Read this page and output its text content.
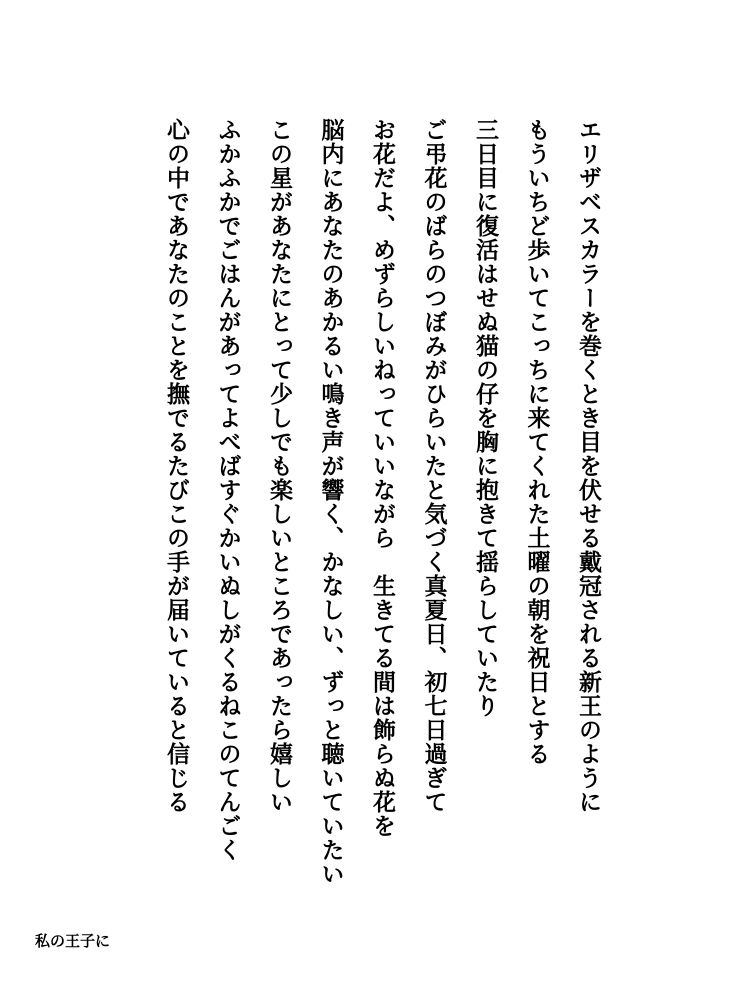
エリザベスカラーを巻くとき目を伏せる戴冠される新王のように
もういちど歩いてこっちに来てくれた土曜の朝を祝日とする
三日目に復活はせぬ猫の仔を胸に抱きて揺らしていたり
ご弔花のばらのつぼみがひらいたと気づく真夏日、初七日過ぎて
お花だよ、めずらしいねっていいながら　生きてる間は飾らぬ花を
脳内にあなたのあかるい鳴き声が響く、かなしい、ずっと聴いていたい
この星があなたにとって少しでも楽しいところであったら嬉しい
ふかふかでごはんがあってよべばすぐかいぬしがくるねこのてんごく
心の中であなたのことを撫でるたびこの手が届いていると信じる
私の王子に
